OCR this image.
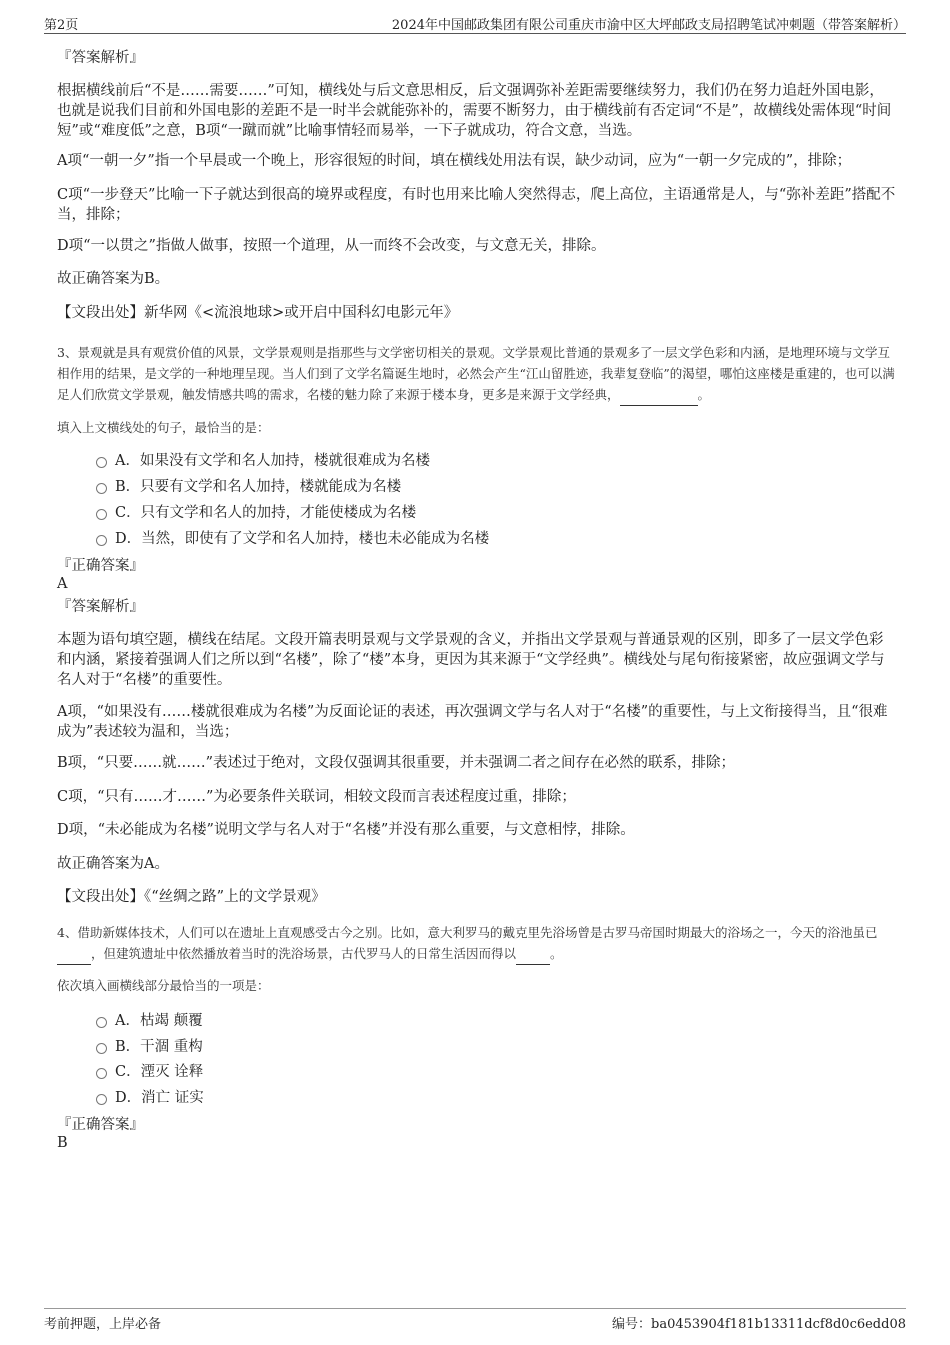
第2页	2024年中国邮政集团有限公司重庆市渝中区大坪邮政支局招聘笔试冲刺题（带答案解析）
『答案解析』
根据横线前后“不是……需要……”可知，横线处与后文意思相反，后文强调弥补差距需要继续努力，我们仍在努力追赶外国电影，也就是说我们目前和外国电影的差距不是一时半会就能弥补的，需要不断努力，由于横线前有否定词“不是”，故横线处需体现“时间短”或“难度低”之意，B项“一蹴而就”比喻事情轻而易举，一下子就成功，符合文意，当选。
A项“一朝一夕”指一个早晨或一个晚上，形容很短的时间，填在横线处用法有误，缺少动词，应为“一朝一夕完成的”，排除；
C项“一步登天”比喻一下子就达到很高的境界或程度，有时也用来比喻人突然得志，爬上高位，主语通常是人，与“弥补差距”搭配不当，排除；
D项“一以贯之”指做人做事，按照一个道理，从一而终不会改变，与文意无关，排除。
故正确答案为B。
【文段出处】新华网《<流浪地球>或开启中国科幻电影元年》
3、景观就是具有观赏价值的风景，文学景观则是指那些与文学密切相关的景观。文学景观比普通的景观多了一层文学色彩和内涵，是地理环境与文学互相作用的结果，是文学的一种地理呈现。当人们到了文学名篇诞生地时，必然会产生“江山留胜迹，我辈复登临”的渴望，哪怕这座楼是重建的，也可以满足人们欣赏文学景观，触发情感共鸣的需求，名楼的魅力除了来源于楼本身，更多是来源于文学经典，	。
填入上文横线处的句子，最恰当的是：
A．如果没有文学和名人加持，楼就很难成为名楼
B．只要有文学和名人加持，楼就能成为名楼
C．只有文学和名人的加持，才能使楼成为名楼
D．当然，即使有了文学和名人加持，楼也未必能成为名楼
『正确答案』
A
『答案解析』
本题为语句填空题，横线在结尾。文段开篇表明景观与文学景观的含义，并指出文学景观与普通景观的区别，即多了一层文学色彩和内涵，紧接着强调人们之所以到“名楼”，除了“楼”本身，更因为其来源于“文学经典”。横线处与尾句衔接紧密，故应强调文学与名人对于“名楼”的重要性。
A项，“如果没有……楼就很难成为名楼”为反面论证的表述，再次强调文学与名人对于“名楼”的重要性，与上文衔接得当，且“很难成为”表述较为温和，当选；
B项，“只要……就……”表述过于绝对，文段仅强调其很重要，并未强调二者之间存在必然的联系，排除；
C项，“只有……才……”为必要条件关联词，相较文段而言表述程度过重，排除；
D项，“未必能成为名楼”说明文学与名人对于“名楼”并没有那么重要，与文意相悖，排除。
故正确答案为A。
【文段出处】《“丝绸之路”上的文学景观》
4、借助新媒体技术，人们可以在遗址上直观感受古今之别。比如，意大利罗马的戴克里先浴场曾是古罗马帝国时期最大的浴场之一，今天的浴池虽已 ，但建筑遗址中依然播放着当时的洗浴场景，古代罗马人的日常生活因而得以	。
依次填入画横线部分最恰当的一项是：
A．枯竭 颠覆
B．干涸 重构
C．湮灭 诠释
D．消亡 证实
『正确答案』
B
考前押题，上岸必备	编号：ba0453904f181b13311dcf8d0c6edd08
